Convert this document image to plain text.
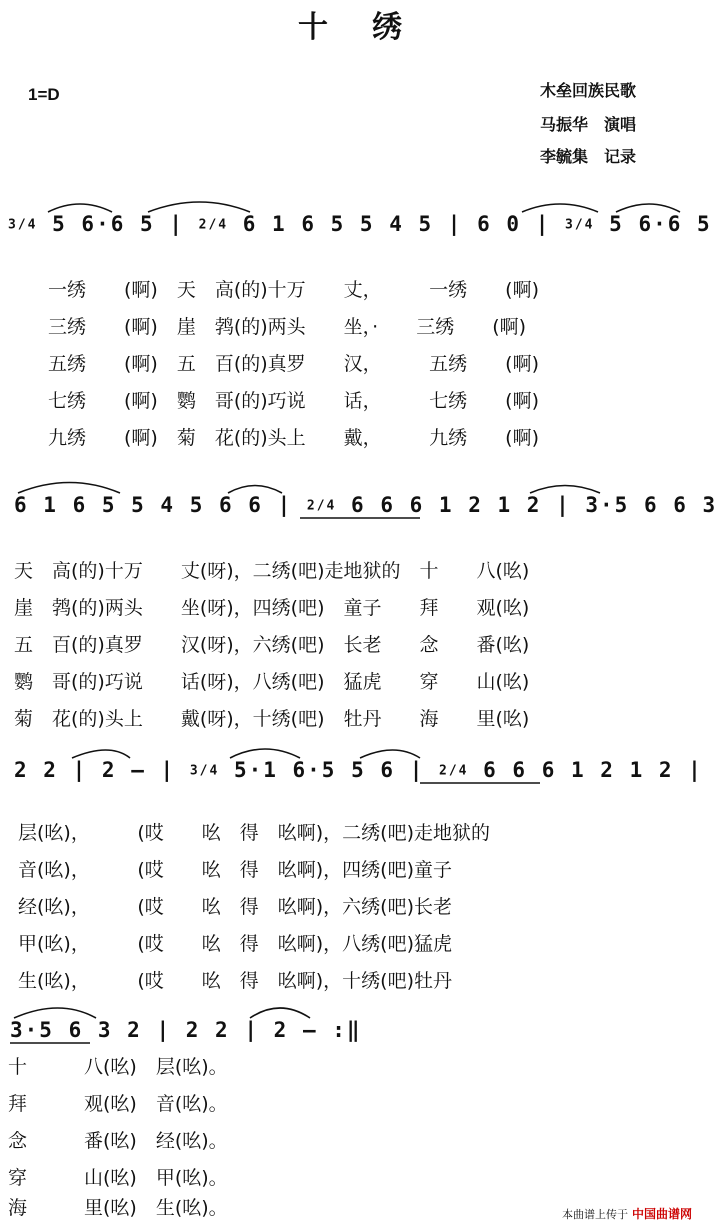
十绣
1=D	木垒回族民歌
马振华　演唱
李毓集　记录
3/4 5 6·6 5 | 2/4 6 1 6 5 5 4 5 | 6 0 | 3/4 5 6·6 5
一绣　　(啊)　天　高(的)十万　　丈，　　　一绣　　(啊)
三绣　　(啊)　崖　鹁(的)两头　　坐，·　　三绣　　(啊)
五绣　　(啊)　五　百(的)真罗　　汉，　　　五绣　　(啊)
七绣　　(啊)　鹦　哥(的)巧说　　话，　　　七绣　　(啊)
九绣　　(啊)　菊　花(的)头上　　戴，　　　九绣　　(啊)
6 1 6 5 5 4 5 6 6 | 2/4 6 6 6 1 2 1 2 | 3·5 6 6 3
天　高(的)十万　　丈(呀)，二绣(吧)走地狱的　十　　八(吆)
崖　鹁(的)两头　　坐(呀)，四绣(吧)　童子　　拜　　观(吆)
五　百(的)真罗　　汉(呀)，六绣(吧)　长老　　念　　番(吆)
鹦　哥(的)巧说　　话(呀)，八绣(吧)　猛虎　　穿　　山(吆)
菊　花(的)头上　　戴(呀)，十绣(吧)　牡丹　　海　　里(吆)
2 2 | 2 — | 3/4 5·1 6·5 5 6 | 2/4 6 6 6 1 2 1 2 |
层(吆)，　　　(哎　　吆　得　吆啊)，二绣(吧)走地狱的
音(吆)，　　　(哎　　吆　得　吆啊)，四绣(吧)童子
经(吆)，　　　(哎　　吆　得　吆啊)，六绣(吧)长老
甲(吆)，　　　(哎　　吆　得　吆啊)，八绣(吧)猛虎
生(吆)，　　　(哎　　吆　得　吆啊)，十绣(吧)牡丹
3·5 6 3 2 | 2 2 | 2 — :‖
十　　　八(吆)　层(吆)。
拜　　　观(吆)　音(吆)。
念　　　番(吆)　经(吆)。
穿　　　山(吆)　甲(吆)。
海　　　里(吆)　生(吆)。	本曲谱上传于 中国曲谱网
